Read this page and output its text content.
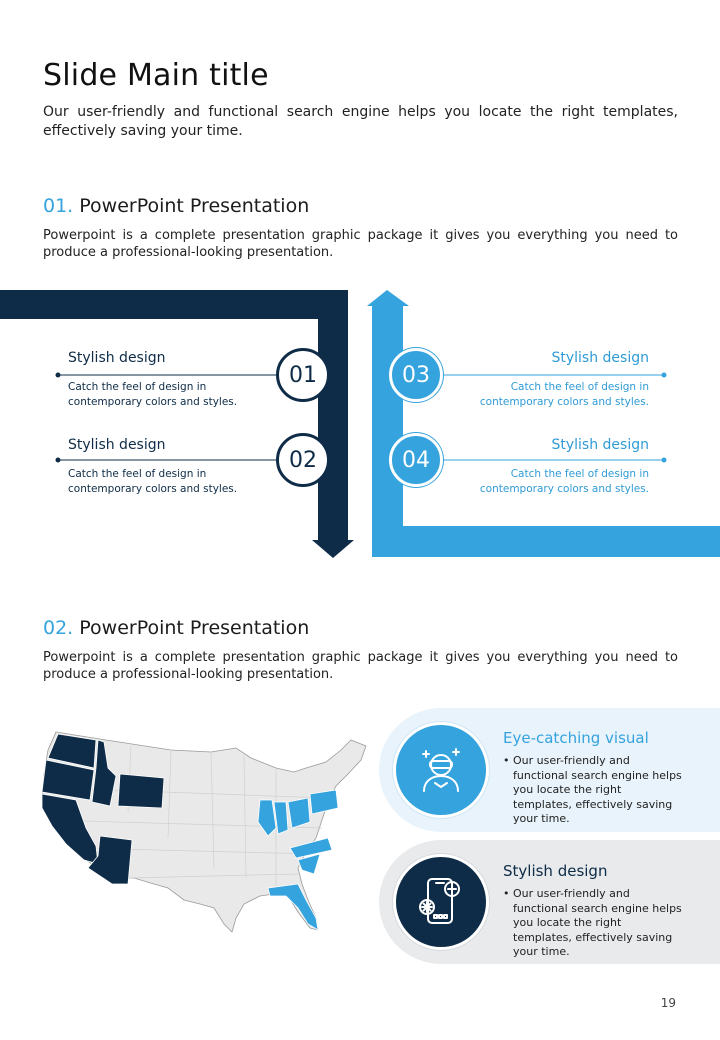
Slide Main title

Our user-friendly and functional search engine helps you locate the right templates, effectively saving your time.

01. PowerPoint Presentation

Powerpoint is a complete presentation graphic package it gives you everything you need to produce a professional-looking presentation.

Stylish design
Catch the feel of design in
contemporary colors and styles.
Stylish design
Catch the feel of design in
contemporary colors and styles.
Stylish design
Catch the feel of design in
contemporary colors and styles.
Stylish design
Catch the feel of design in
contemporary colors and styles.
01
02
03
04
02. PowerPoint Presentation

Powerpoint is a complete presentation graphic package it gives you everything you need to produce a professional-looking presentation.

Eye-catching visual
• Our user-friendly and functional search engine helps you locate the right templates, effectively saving your time.
Stylish design
• Our user-friendly and functional search engine helps you locate the right templates, effectively saving your time.
19
